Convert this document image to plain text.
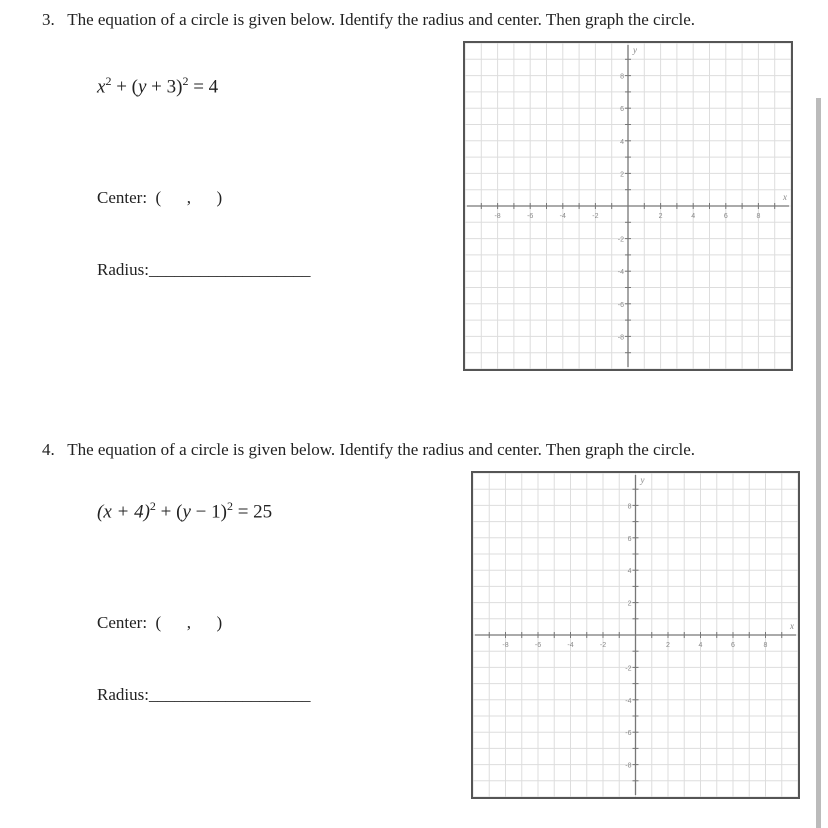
3. The equation of a circle is given below. Identify the radius and center. Then graph the circle.
$x^2 + (y + 3)^2 = 4$
Center: (      ,      )
Radius:___________________
-8	-6	-4	-2	2	4	6	8
-8
-6
-4
-2
2
4
6
8
x
y
4. The equation of a circle is given below. Identify the radius and center. Then graph the circle.
$(x + 4)^2 + (y - 1)^2 = 25$
Center: (      ,      )
Radius:___________________
-8	-6	-4	-2	2	4	6	8
-8
-6
-4
-2
2
4
6
8
x
y
